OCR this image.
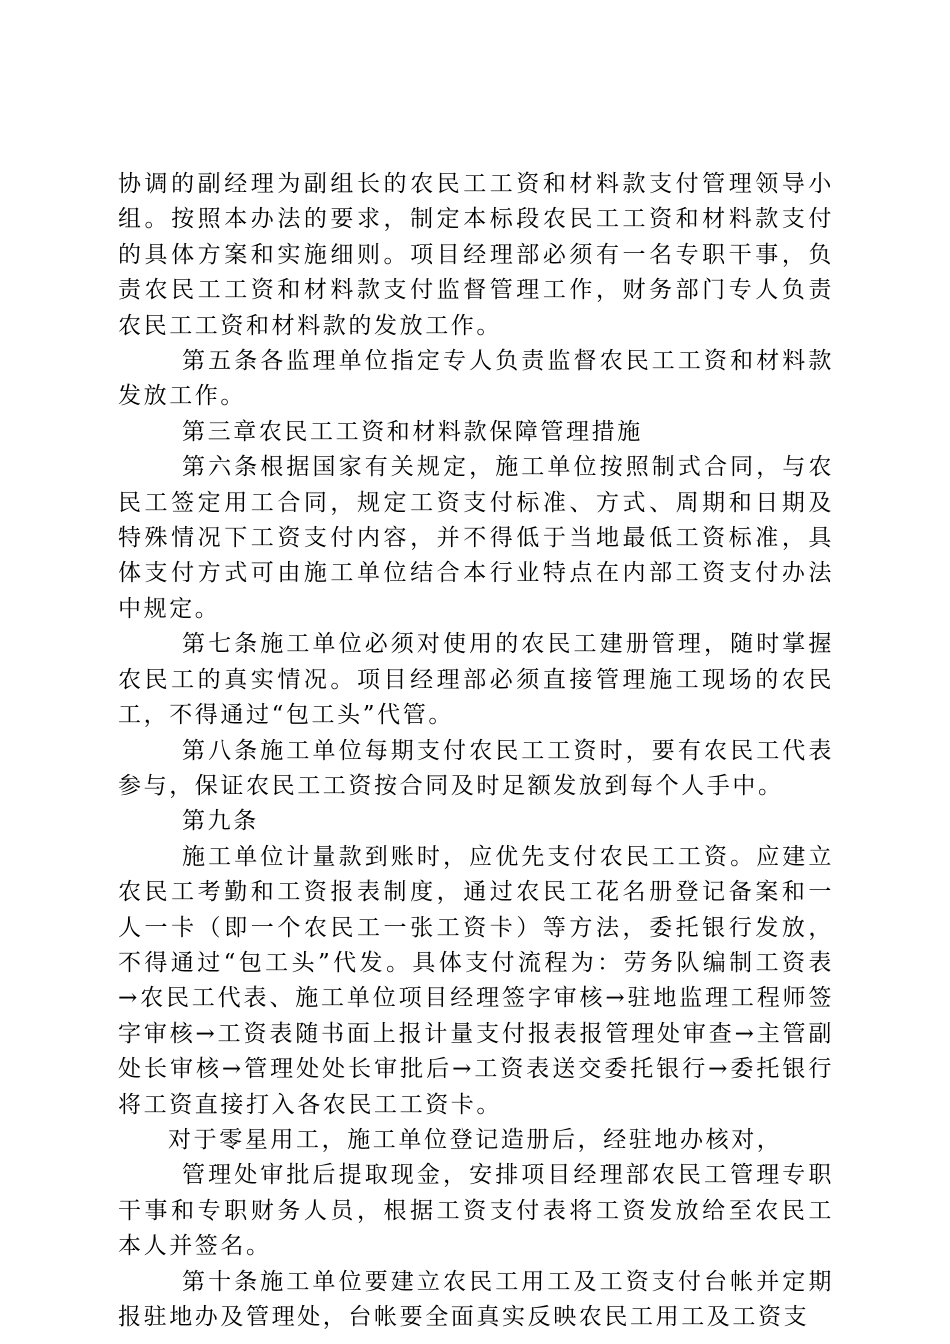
协调的副经理为副组长的农民工工资和材料款支付管理领导小组。按照本办法的要求，制定本标段农民工工资和材料款支付的具体方案和实施细则。项目经理部必须有一名专职干事，负责农民工工资和材料款支付监督管理工作，财务部门专人负责农民工工资和材料款的发放工作。

第五条各监理单位指定专人负责监督农民工工资和材料款发放工作。

第三章农民工工资和材料款保障管理措施

第六条根据国家有关规定，施工单位按照制式合同，与农民工签定用工合同，规定工资支付标准、方式、周期和日期及特殊情况下工资支付内容，并不得低于当地最低工资标准，具体支付方式可由施工单位结合本行业特点在内部工资支付办法中规定。

第七条施工单位必须对使用的农民工建册管理，随时掌握农民工的真实情况。项目经理部必须直接管理施工现场的农民工，不得通过“包工头”代管。

第八条施工单位每期支付农民工工资时，要有农民工代表参与，保证农民工工资按合同及时足额发放到每个人手中。

第九条

施工单位计量款到账时，应优先支付农民工工资。应建立农民工考勤和工资报表制度，通过农民工花名册登记备案和一人一卡（即一个农民工一张工资卡）等方法，委托银行发放，不得通过“包工头”代发。具体支付流程为：劳务队编制工资表→农民工代表、施工单位项目经理签字审核→驻地监理工程师签字审核→工资表随书面上报计量支付报表报管理处审查→主管副处长审核→管理处处长审批后→工资表送交委托银行→委托银行将工资直接打入各农民工工资卡。

对于零星用工，施工单位登记造册后，经驻地办核对，

管理处审批后提取现金，安排项目经理部农民工管理专职干事和专职财务人员，根据工资支付表将工资发放给至农民工本人并签名。

第十条施工单位要建立农民工用工及工资支付台帐并定期报驻地办及管理处，台帐要全面真实反映农民工用工及工资支
